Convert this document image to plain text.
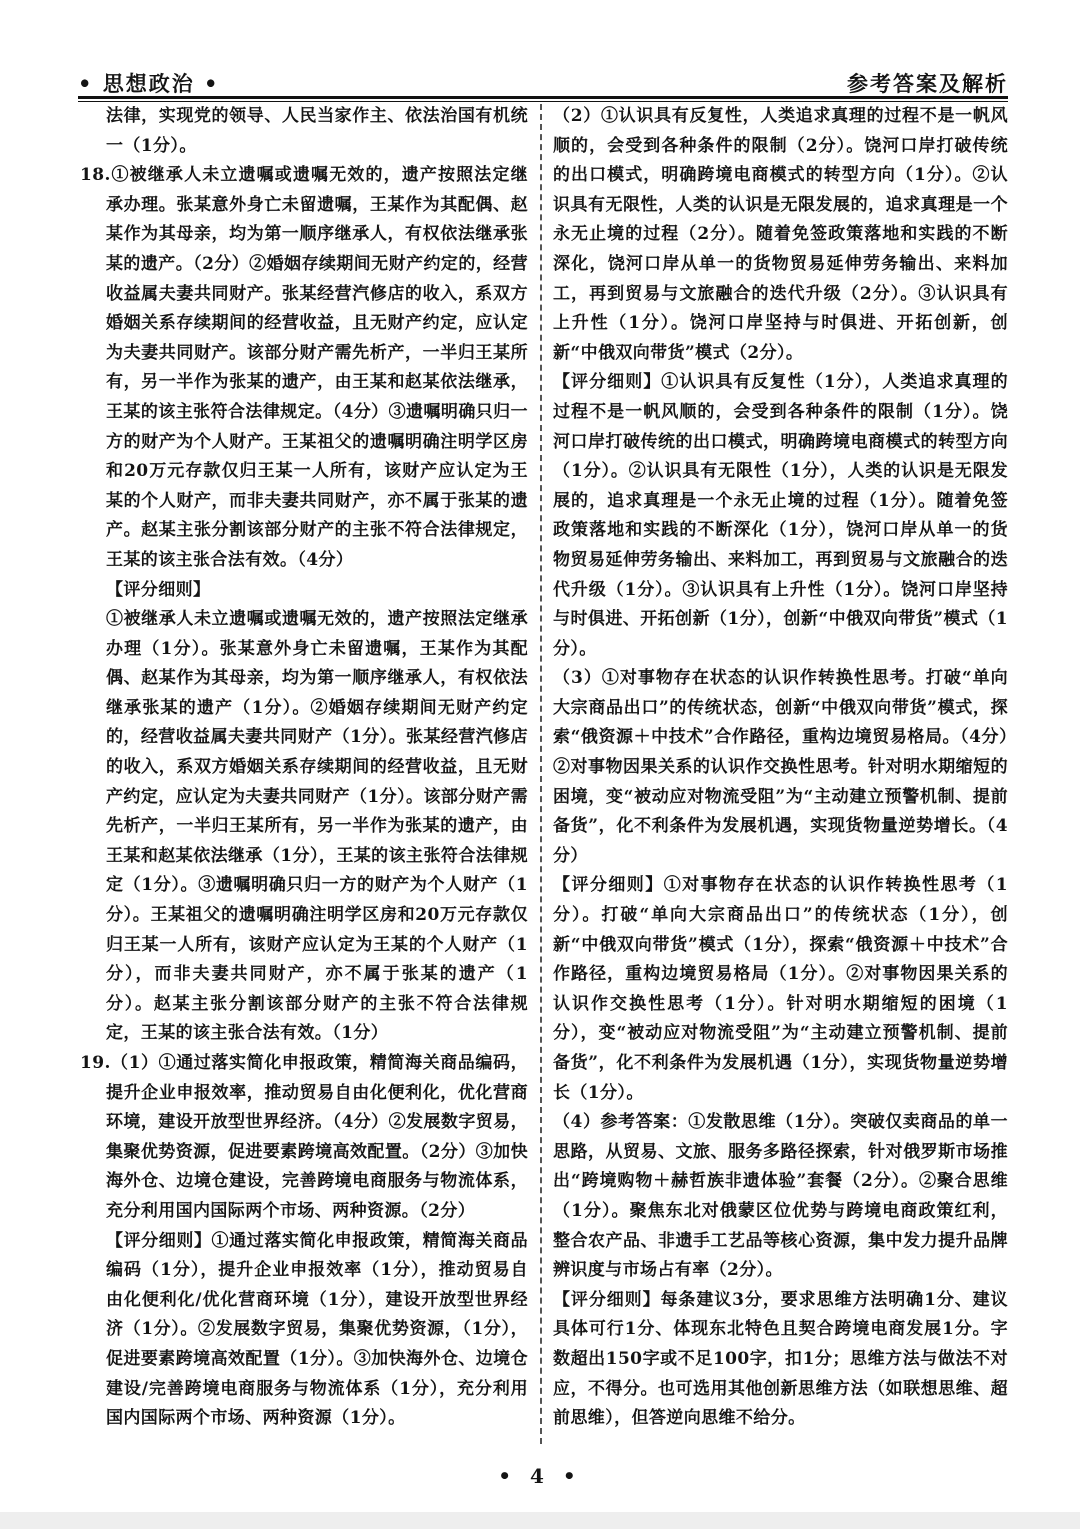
• 思想政治 •	参考答案及解析

法律，实现党的领导、人民当家作主、依法治国有机统一（1分）。

18.①被继承人未立遗嘱或遗嘱无效的，遗产按照法定继承办理。张某意外身亡未留遗嘱，王某作为其配偶、赵某作为其母亲，均为第一顺序继承人，有权依法继承张某的遗产。（2分）②婚姻存续期间无财产约定的，经营收益属夫妻共同财产。张某经营汽修店的收入，系双方婚姻关系存续期间的经营收益，且无财产约定，应认定为夫妻共同财产。该部分财产需先析产，一半归王某所有，另一半作为张某的遗产，由王某和赵某依法继承，王某的该主张符合法律规定。（4分）③遗嘱明确只归一方的财产为个人财产。王某祖父的遗嘱明确注明学区房和20万元存款仅归王某一人所有，该财产应认定为王某的个人财产，而非夫妻共同财产，亦不属于张某的遗产。赵某主张分割该部分财产的主张不符合法律规定，王某的该主张合法有效。（4分）

【评分细则】

①被继承人未立遗嘱或遗嘱无效的，遗产按照法定继承办理（1分）。张某意外身亡未留遗嘱，王某作为其配偶、赵某作为其母亲，均为第一顺序继承人，有权依法继承张某的遗产（1分）。②婚姻存续期间无财产约定的，经营收益属夫妻共同财产（1分）。张某经营汽修店的收入，系双方婚姻关系存续期间的经营收益，且无财产约定，应认定为夫妻共同财产（1分）。该部分财产需先析产，一半归王某所有，另一半作为张某的遗产，由王某和赵某依法继承（1分），王某的该主张符合法律规定（1分）。③遗嘱明确只归一方的财产为个人财产（1分）。王某祖父的遗嘱明确注明学区房和20万元存款仅归王某一人所有，该财产应认定为王某的个人财产（1分），而非夫妻共同财产，亦不属于张某的遗产（1分）。赵某主张分割该部分财产的主张不符合法律规定，王某的该主张合法有效。（1分）

19.（1）①通过落实简化申报政策，精简海关商品编码，提升企业申报效率，推动贸易自由化便利化，优化营商环境，建设开放型世界经济。（4分）②发展数字贸易，集聚优势资源，促进要素跨境高效配置。（2分）③加快海外仓、边境仓建设，完善跨境电商服务与物流体系，充分利用国内国际两个市场、两种资源。（2分）

【评分细则】①通过落实简化申报政策，精简海关商品编码（1分），提升企业申报效率（1分），推动贸易自由化便利化/优化营商环境（1分），建设开放型世界经济（1分）。②发展数字贸易，集聚优势资源，（1分），促进要素跨境高效配置（1分）。③加快海外仓、边境仓建设/完善跨境电商服务与物流体系（1分），充分利用国内国际两个市场、两种资源（1分）。

（2）①认识具有反复性，人类追求真理的过程不是一帆风顺的，会受到各种条件的限制（2分）。饶河口岸打破传统的出口模式，明确跨境电商模式的转型方向（1分）。②认识具有无限性，人类的认识是无限发展的，追求真理是一个永无止境的过程（2分）。随着免签政策落地和实践的不断深化，饶河口岸从单一的货物贸易延伸劳务输出、来料加工，再到贸易与文旅融合的迭代升级（2分）。③认识具有上升性（1分）。饶河口岸坚持与时俱进、开拓创新，创新“中俄双向带货”模式（2分）。

【评分细则】①认识具有反复性（1分），人类追求真理的过程不是一帆风顺的，会受到各种条件的限制（1分）。饶河口岸打破传统的出口模式，明确跨境电商模式的转型方向（1分）。②认识具有无限性（1分），人类的认识是无限发展的，追求真理是一个永无止境的过程（1分）。随着免签政策落地和实践的不断深化（1分），饶河口岸从单一的货物贸易延伸劳务输出、来料加工，再到贸易与文旅融合的迭代升级（1分）。③认识具有上升性（1分）。饶河口岸坚持与时俱进、开拓创新（1分），创新“中俄双向带货”模式（1分）。

（3）①对事物存在状态的认识作转换性思考。打破“单向大宗商品出口”的传统状态，创新“中俄双向带货”模式，探索“俄资源＋中技术”合作路径，重构边境贸易格局。（4分）②对事物因果关系的认识作交换性思考。针对明水期缩短的困境，变“被动应对物流受阻”为“主动建立预警机制、提前备货”，化不利条件为发展机遇，实现货物量逆势增长。（4分）

【评分细则】①对事物存在状态的认识作转换性思考（1分）。打破“单向大宗商品出口”的传统状态（1分），创新“中俄双向带货”模式（1分），探索“俄资源＋中技术”合作路径，重构边境贸易格局（1分）。②对事物因果关系的认识作交换性思考（1分）。针对明水期缩短的困境（1分），变“被动应对物流受阻”为“主动建立预警机制、提前备货”，化不利条件为发展机遇（1分），实现货物量逆势增长（1分）。

（4）参考答案：①发散思维（1分）。突破仅卖商品的单一思路，从贸易、文旅、服务多路径探索，针对俄罗斯市场推出“跨境购物＋赫哲族非遗体验”套餐（2分）。②聚合思维（1分）。聚焦东北对俄蒙区位优势与跨境电商政策红利，整合农产品、非遗手工艺品等核心资源，集中发力提升品牌辨识度与市场占有率（2分）。

【评分细则】每条建议3分，要求思维方法明确1分、建议具体可行1分、体现东北特色且契合跨境电商发展1分。字数超出150字或不足100字，扣1分；思维方法与做法不对应，不得分。也可选用其他创新思维方法（如联想思维、超前思维），但答逆向思维不给分。

• 4 •
